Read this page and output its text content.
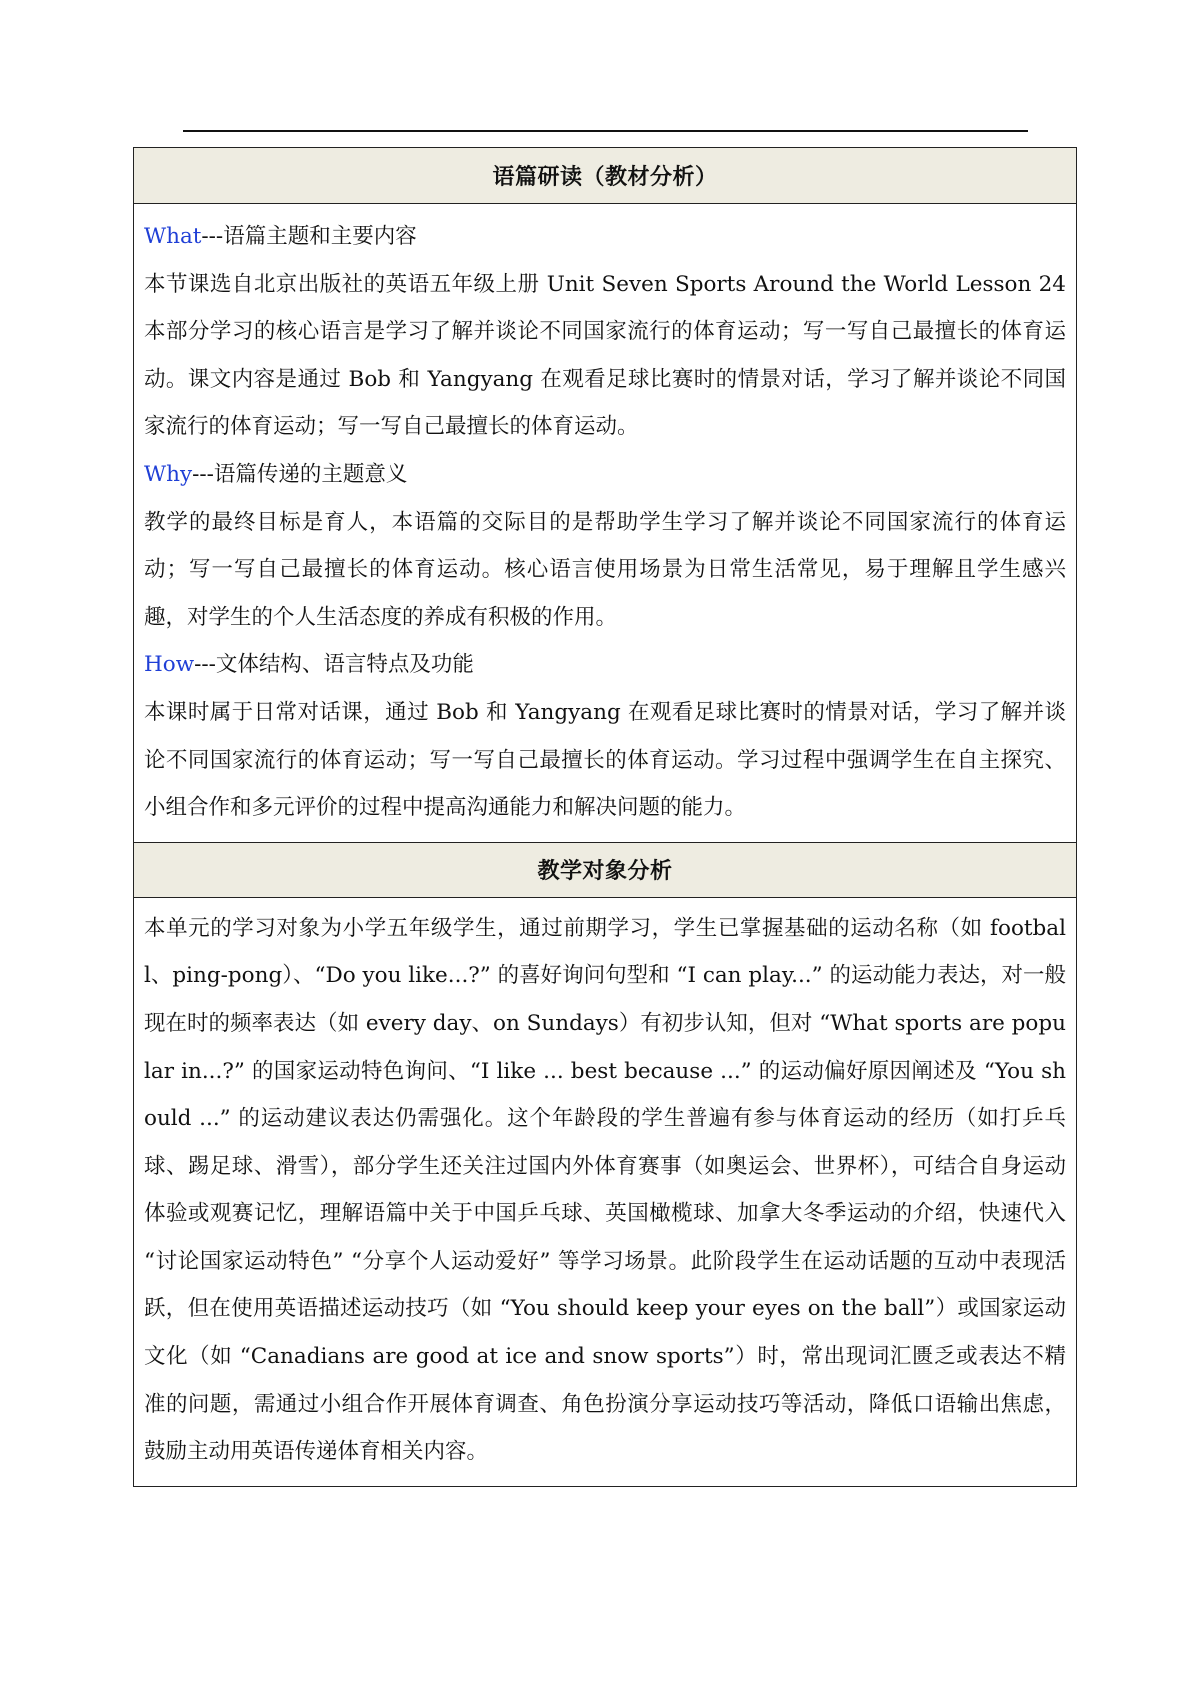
语篇研读（教材分析）

What---语篇主题和主要内容

本节课选自北京出版社的英语五年级上册 Unit Seven Sports Around the World Lesson 24 本部分学习的核心语言是学习了解并谈论不同国家流行的体育运动；写一写自己最擅长的体育运动。课文内容是通过 Bob 和 Yangyang 在观看足球比赛时的情景对话，学习了解并谈论不同国家流行的体育运动；写一写自己最擅长的体育运动。

Why---语篇传递的主题意义

教学的最终目标是育人，本语篇的交际目的是帮助学生学习了解并谈论不同国家流行的体育运动；写一写自己最擅长的体育运动。核心语言使用场景为日常生活常见，易于理解且学生感兴趣，对学生的个人生活态度的养成有积极的作用。

How---文体结构、语言特点及功能

本课时属于日常对话课，通过 Bob 和 Yangyang 在观看足球比赛时的情景对话，学习了解并谈论不同国家流行的体育运动；写一写自己最擅长的体育运动。学习过程中强调学生在自主探究、小组合作和多元评价的过程中提高沟通能力和解决问题的能力。

教学对象分析

本单元的学习对象为小学五年级学生，通过前期学习，学生已掌握基础的运动名称（如 football、ping-pong）、“Do you like...?” 的喜好询问句型和 “I can play...” 的运动能力表达，对一般现在时的频率表达（如 every day、on Sundays）有初步认知，但对 “What sports are popular in...?” 的国家运动特色询问、“I like ... best because ...” 的运动偏好原因阐述及 “You should ...” 的运动建议表达仍需强化。这个年龄段的学生普遍有参与体育运动的经历（如打乒乓球、踢足球、滑雪），部分学生还关注过国内外体育赛事（如奥运会、世界杯），可结合自身运动体验或观赛记忆，理解语篇中关于中国乒乓球、英国橄榄球、加拿大冬季运动的介绍，快速代入 “讨论国家运动特色” “分享个人运动爱好” 等学习场景。此阶段学生在运动话题的互动中表现活跃，但在使用英语描述运动技巧（如 “You should keep your eyes on the ball”）或国家运动文化（如 “Canadians are good at ice and snow sports”）时，常出现词汇匮乏或表达不精准的问题，需通过小组合作开展体育调查、角色扮演分享运动技巧等活动，降低口语输出焦虑，鼓励主动用英语传递体育相关内容。
